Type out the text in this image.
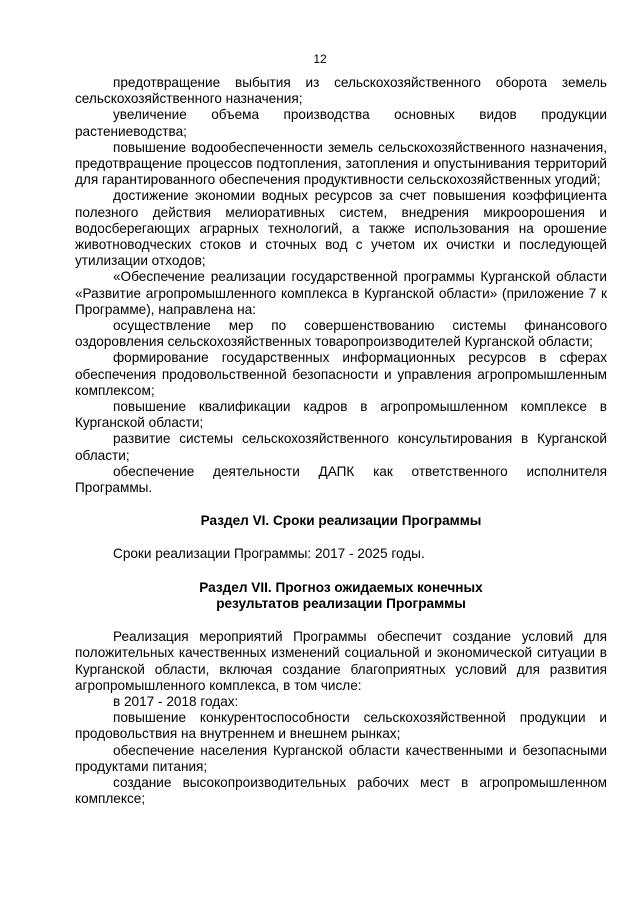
12

предотвращение выбытия из сельскохозяйственного оборота земель сельскохозяйственного назначения;

увеличение объема производства основных видов продукции растениеводства;

повышение водообеспеченности земель сельскохозяйственного назначения, предотвращение процессов подтопления, затопления и опустынивания территорий для гарантированного обеспечения продуктивности сельскохозяйственных угодий;

достижение экономии водных ресурсов за счет повышения коэффициента полезного действия мелиоративных систем, внедрения микроорошения и водосберегающих аграрных технологий, а также использования на орошение животноводческих стоков и сточных вод с учетом их очистки и последующей утилизации отходов;

«Обеспечение реализации государственной программы Курганской области «Развитие агропромышленного комплекса в Курганской области» (приложение 7 к Программе), направлена на:

осуществление мер по совершенствованию системы финансового оздоровления сельскохозяйственных товаропроизводителей Курганской области;

формирование государственных информационных ресурсов в сферах обеспечения продовольственной безопасности и управления агропромышленным комплексом;

повышение квалификации кадров в агропромышленном комплексе в Курганской области;

развитие системы сельскохозяйственного консультирования в Курганской области;

обеспечение деятельности ДАПК как ответственного исполнителя Программы.

Раздел VI. Сроки реализации Программы

Сроки реализации Программы: 2017 - 2025 годы.

Раздел VII. Прогноз ожидаемых конечных
результатов реализации Программы

Реализация мероприятий Программы обеспечит создание условий для положительных качественных изменений социальной и экономической ситуации в Курганской области, включая создание благоприятных условий для развития агропромышленного комплекса, в том числе:

в 2017 - 2018 годах:

повышение конкурентоспособности сельскохозяйственной продукции и продовольствия на внутреннем и внешнем рынках;

обеспечение населения Курганской области качественными и безопасными продуктами питания;

создание высокопроизводительных рабочих мест в агропромышленном комплексе;
